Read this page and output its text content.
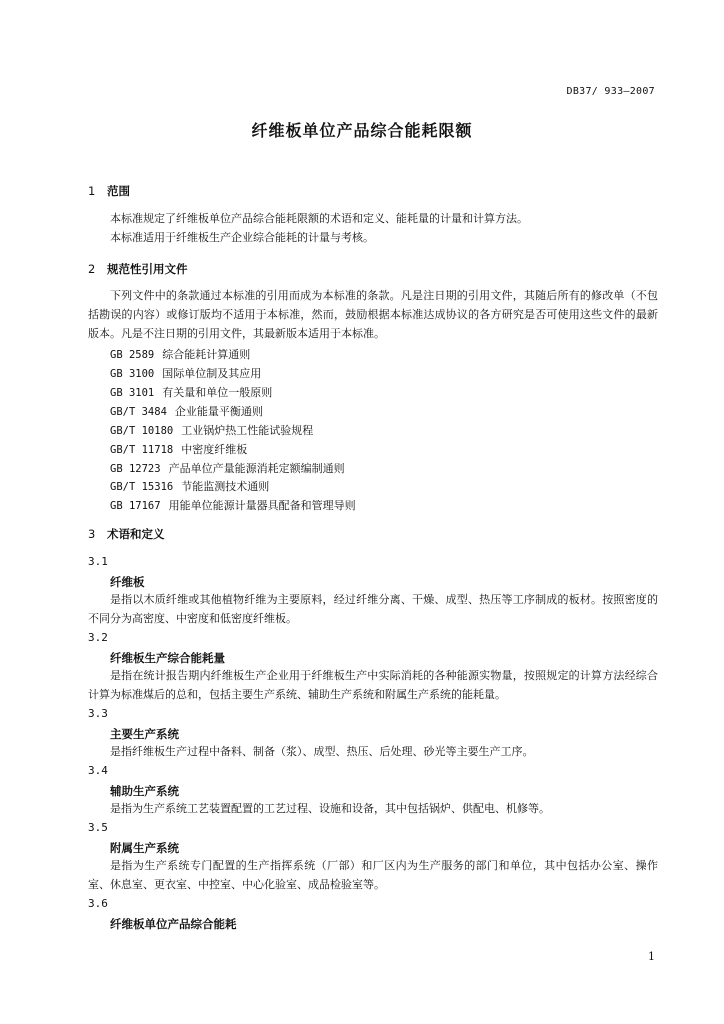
DB37/ 933—2007
纤维板单位产品综合能耗限额
1 范围
本标准规定了纤维板单位产品综合能耗限额的术语和定义、能耗量的计量和计算方法。
本标准适用于纤维板生产企业综合能耗的计量与考核。
2 规范性引用文件
下列文件中的条款通过本标准的引用而成为本标准的条款。凡是注日期的引用文件，其随后所有的修改单（不包括勘误的内容）或修订版均不适用于本标准，然而，鼓励根据本标准达成协议的各方研究是否可使用这些文件的最新版本。凡是不注日期的引用文件，其最新版本适用于本标准。
GB 2589 综合能耗计算通则
GB 3100 国际单位制及其应用
GB 3101 有关量和单位一般原则
GB/T 3484 企业能量平衡通则
GB/T 10180 工业锅炉热工性能试验规程
GB/T 11718 中密度纤维板
GB 12723 产品单位产量能源消耗定额编制通则
GB/T 15316 节能监测技术通则
GB 17167 用能单位能源计量器具配备和管理导则
3 术语和定义
3.1
纤维板
是指以木质纤维或其他植物纤维为主要原料，经过纤维分离、干燥、成型、热压等工序制成的板材。按照密度的不同分为高密度、中密度和低密度纤维板。
3.2
纤维板生产综合能耗量
是指在统计报告期内纤维板生产企业用于纤维板生产中实际消耗的各种能源实物量，按照规定的计算方法经综合计算为标准煤后的总和，包括主要生产系统、辅助生产系统和附属生产系统的能耗量。
3.3
主要生产系统
是指纤维板生产过程中备料、制备（浆）、成型、热压、后处理、砂光等主要生产工序。
3.4
辅助生产系统
是指为生产系统工艺装置配置的工艺过程、设施和设备，其中包括锅炉、供配电、机修等。
3.5
附属生产系统
是指为生产系统专门配置的生产指挥系统（厂部）和厂区内为生产服务的部门和单位，其中包括办公室、操作室、休息室、更衣室、中控室、中心化验室、成品检验室等。
3.6
纤维板单位产品综合能耗
1
